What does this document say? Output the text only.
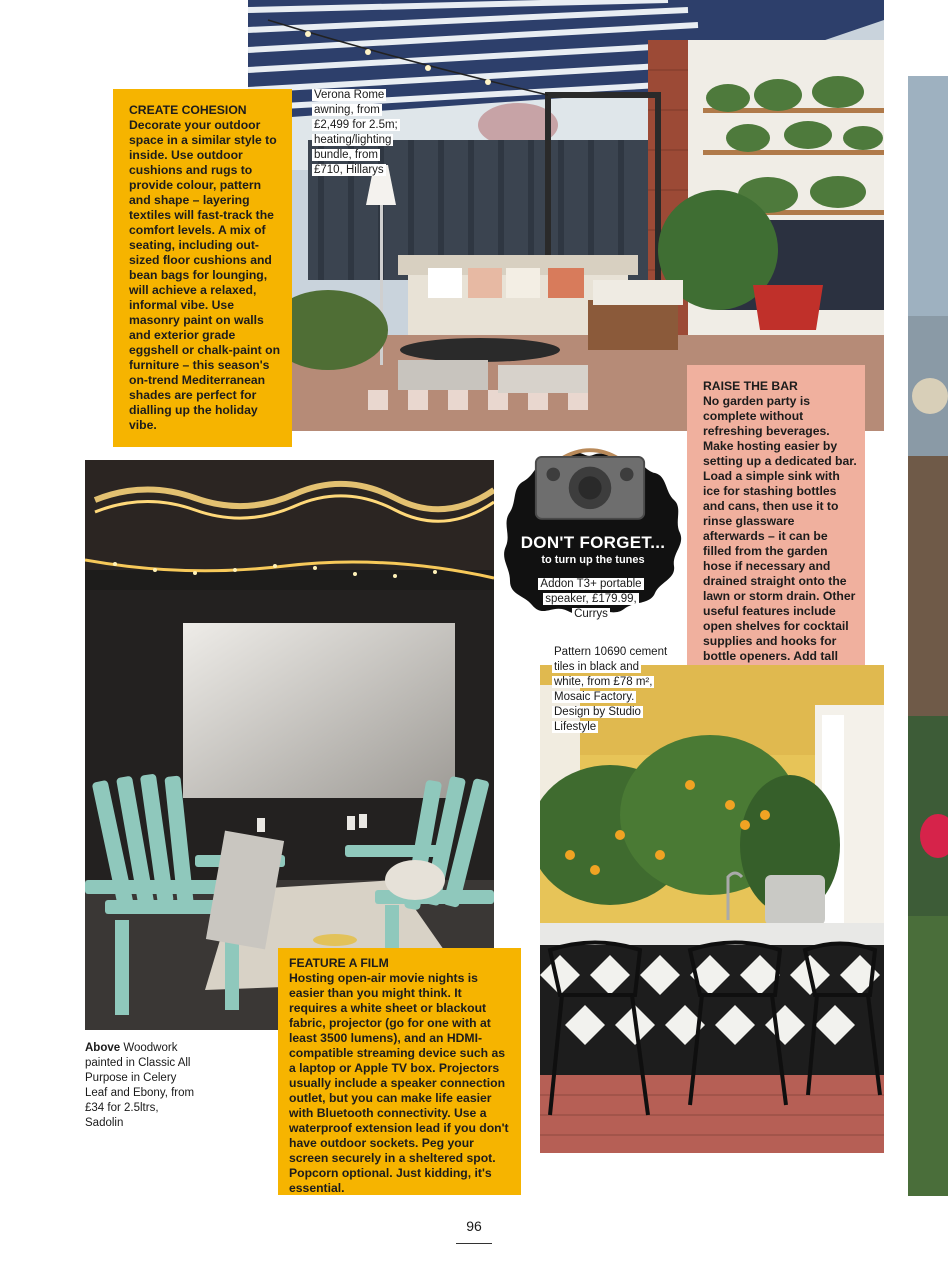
CREATE COHESION

Decorate your outdoor space in a similar style to inside. Use outdoor cushions and rugs to provide colour, pattern and shape – layering textiles will fast-track the comfort levels. A mix of seating, including out-sized floor cushions and bean bags for lounging, will achieve a relaxed, informal vibe. Use masonry paint on walls and exterior grade eggshell or chalk-paint on furniture – this season's on-trend Mediterranean shades are perfect for dialling up the holiday vibe.

Verona Rome awning, from £2,499 for 2.5m; heating/lighting bundle, from £710, Hillarys
Above Woodwork painted in Classic All Purpose in Celery Leaf and Ebony, from £34 for 2.5ltrs, Sadolin
FEATURE A FILM

Hosting open-air movie nights is easier than you might think. It requires a white sheet or blackout fabric, projector (go for one with at least 3500 lumens), and an HDMI-compatible streaming device such as a laptop or Apple TV box. Projectors usually include a speaker connection outlet, but you can make life easier with Bluetooth connectivity. Use a waterproof extension lead if you don't have outdoor sockets. Peg your screen securely in a sheltered spot. Popcorn optional. Just kidding, it's essential.

DON'T FORGET...
to turn up the tunes
Addon T3+ portable speaker, £179.99, Currys
RAISE THE BAR

No garden party is complete without refreshing beverages. Make hosting easier by setting up a dedicated bar. Load a simple sink with ice for stashing bottles and cans, then use it to rinse glassware afterwards – it can be filled from the garden hose if necessary and drained straight onto the lawn or storm drain. Other useful features include open shelves for cocktail supplies and hooks for bottle openers. Add tall

Pattern 10690 cement tiles in black and white, from £78 m², Mosaic Factory. Design by Studio Lifestyle
96
